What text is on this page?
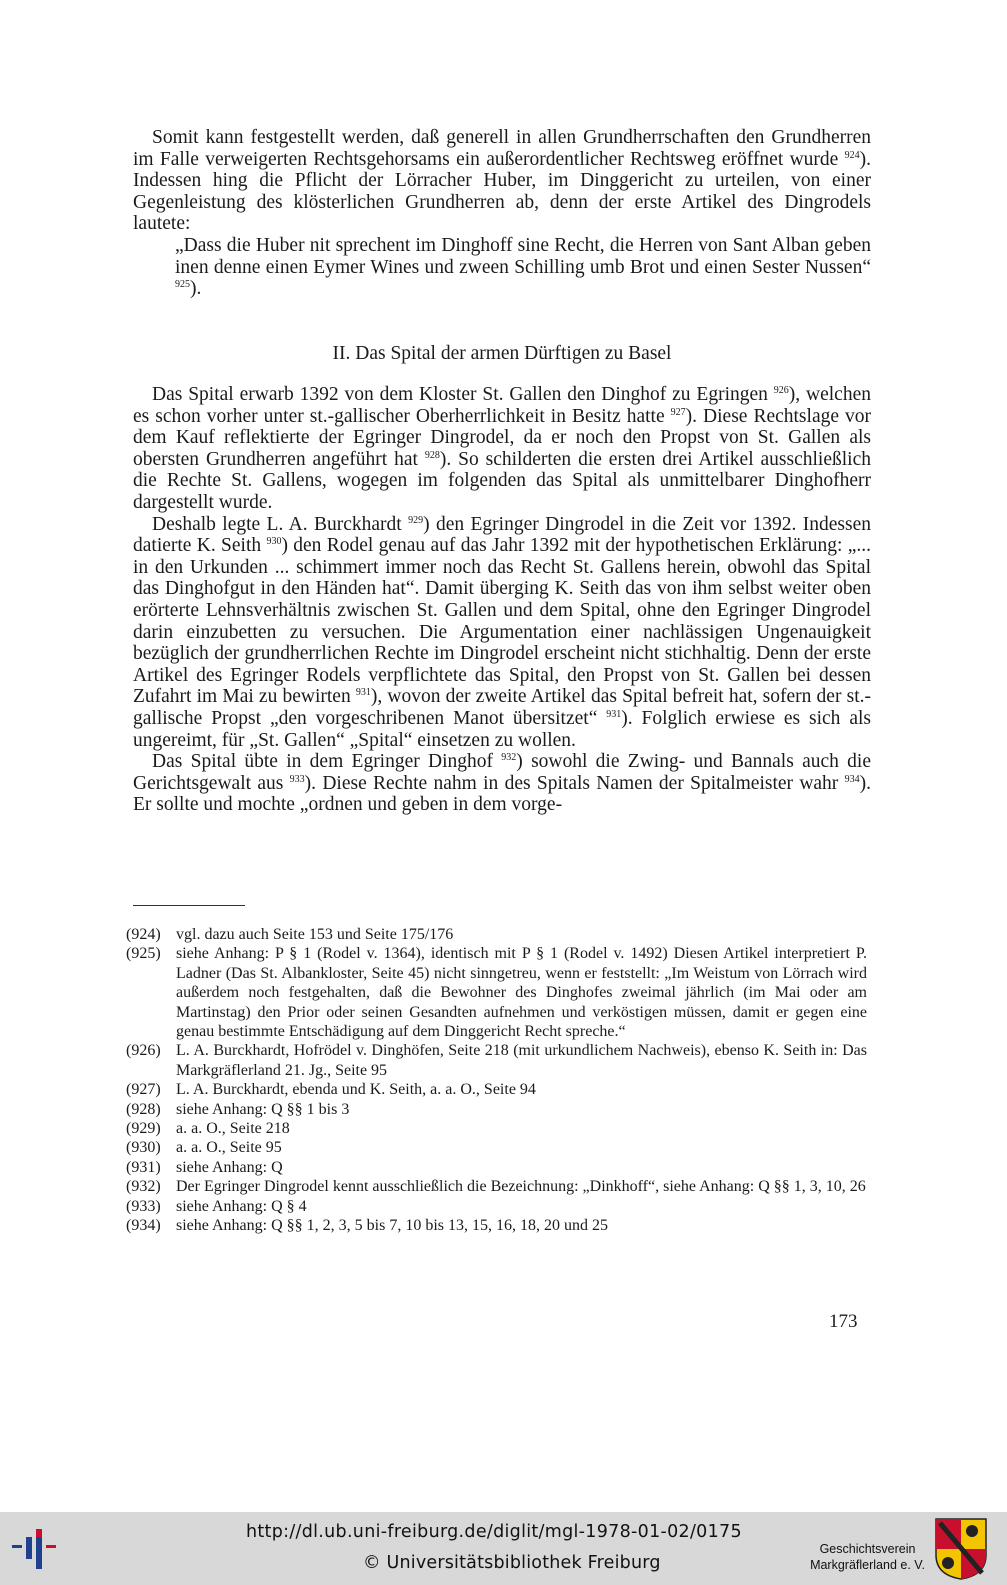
Somit kann festgestellt werden, daß generell in allen Grundherrschaften den Grundherren im Falle verweigerten Rechtsgehorsams ein außerordentlicher Rechtsweg eröffnet wurde $^{924}$). Indessen hing die Pflicht der Lörracher Huber, im Dinggericht zu urteilen, von einer Gegenleistung des klösterlichen Grundherren ab, denn der erste Artikel des Dingrodels lautete:

„Dass die Huber nit sprechent im Dinghoff sine Recht, die Herren von Sant Alban geben inen denne einen Eymer Wines und zween Schilling umb Brot und einen Sester Nussen“ $^{925}$).

II. Das Spital der armen Dürftigen zu Basel

Das Spital erwarb 1392 von dem Kloster St. Gallen den Dinghof zu Egringen $^{926}$), welchen es schon vorher unter st.-gallischer Oberherrlichkeit in Besitz hatte $^{927}$). Diese Rechtslage vor dem Kauf reflektierte der Egringer Dingrodel, da er noch den Propst von St. Gallen als obersten Grundherren angeführt hat $^{928}$). So schilderten die ersten drei Artikel ausschließlich die Rechte St. Gallens, wogegen im folgenden das Spital als unmittelbarer Dinghofherr dargestellt wurde.

Deshalb legte L. A. Burckhardt $^{929}$) den Egringer Dingrodel in die Zeit vor 1392. Indessen datierte K. Seith $^{930}$) den Rodel genau auf das Jahr 1392 mit der hypothetischen Erklärung: „... in den Urkunden ... schimmert immer noch das Recht St. Gallens herein, obwohl das Spital das Dinghofgut in den Händen hat“. Damit überging K. Seith das von ihm selbst weiter oben erörterte Lehnsverhältnis zwischen St. Gallen und dem Spital, ohne den Egringer Dingrodel darin einzubetten zu versuchen. Die Argumentation einer nachlässigen Ungenauigkeit bezüglich der grundherrlichen Rechte im Dingrodel erscheint nicht stichhaltig. Denn der erste Artikel des Egringer Rodels verpflichtete das Spital, den Propst von St. Gallen bei dessen Zufahrt im Mai zu bewirten $^{931}$), wovon der zweite Artikel das Spital befreit hat, sofern der st.-gallische Propst „den vorgeschribenen Manot übersitzet“ $^{931}$). Folglich erwiese es sich als ungereimt, für „St. Gallen“ „Spital“ einsetzen zu wollen.

Das Spital übte in dem Egringer Dinghof $^{932}$) sowohl die Zwing- und Bannals auch die Gerichtsgewalt aus $^{933}$). Diese Rechte nahm in des Spitals Namen der Spitalmeister wahr $^{934}$). Er sollte und mochte „ordnen und geben in dem vorge-

(924) vgl. dazu auch Seite 153 und Seite 175/176
(925) siehe Anhang: P § 1 (Rodel v. 1364), identisch mit P § 1 (Rodel v. 1492) Diesen Artikel interpretiert P. Ladner (Das St. Albankloster, Seite 45) nicht sinngetreu, wenn er feststellt: „Im Weistum von Lörrach wird außerdem noch festgehalten, daß die Bewohner des Dinghofes zweimal jährlich (im Mai oder am Martinstag) den Prior oder seinen Gesandten aufnehmen und verköstigen müssen, damit er gegen eine genau bestimmte Entschädigung auf dem Dinggericht Recht spreche.“
(926) L. A. Burckhardt, Hofrödel v. Dinghöfen, Seite 218 (mit urkundlichem Nachweis), ebenso K. Seith in: Das Markgräflerland 21. Jg., Seite 95
(927) L. A. Burckhardt, ebenda und K. Seith, a. a. O., Seite 94
(928) siehe Anhang: Q §§ 1 bis 3
(929) a. a. O., Seite 218
(930) a. a. O., Seite 95
(931) siehe Anhang: Q
(932) Der Egringer Dingrodel kennt ausschließlich die Bezeichnung: „Dinkhoff“, siehe Anhang: Q §§ 1, 3, 10, 26
(933) siehe Anhang: Q § 4
(934) siehe Anhang: Q §§ 1, 2, 3, 5 bis 7, 10 bis 13, 15, 16, 18, 20 und 25
173
http://dl.ub.uni-freiburg.de/diglit/mgl-1978-01-02/0175
© Universitätsbibliothek Freiburg
Geschichtsverein
Markgräflerland e. V.
